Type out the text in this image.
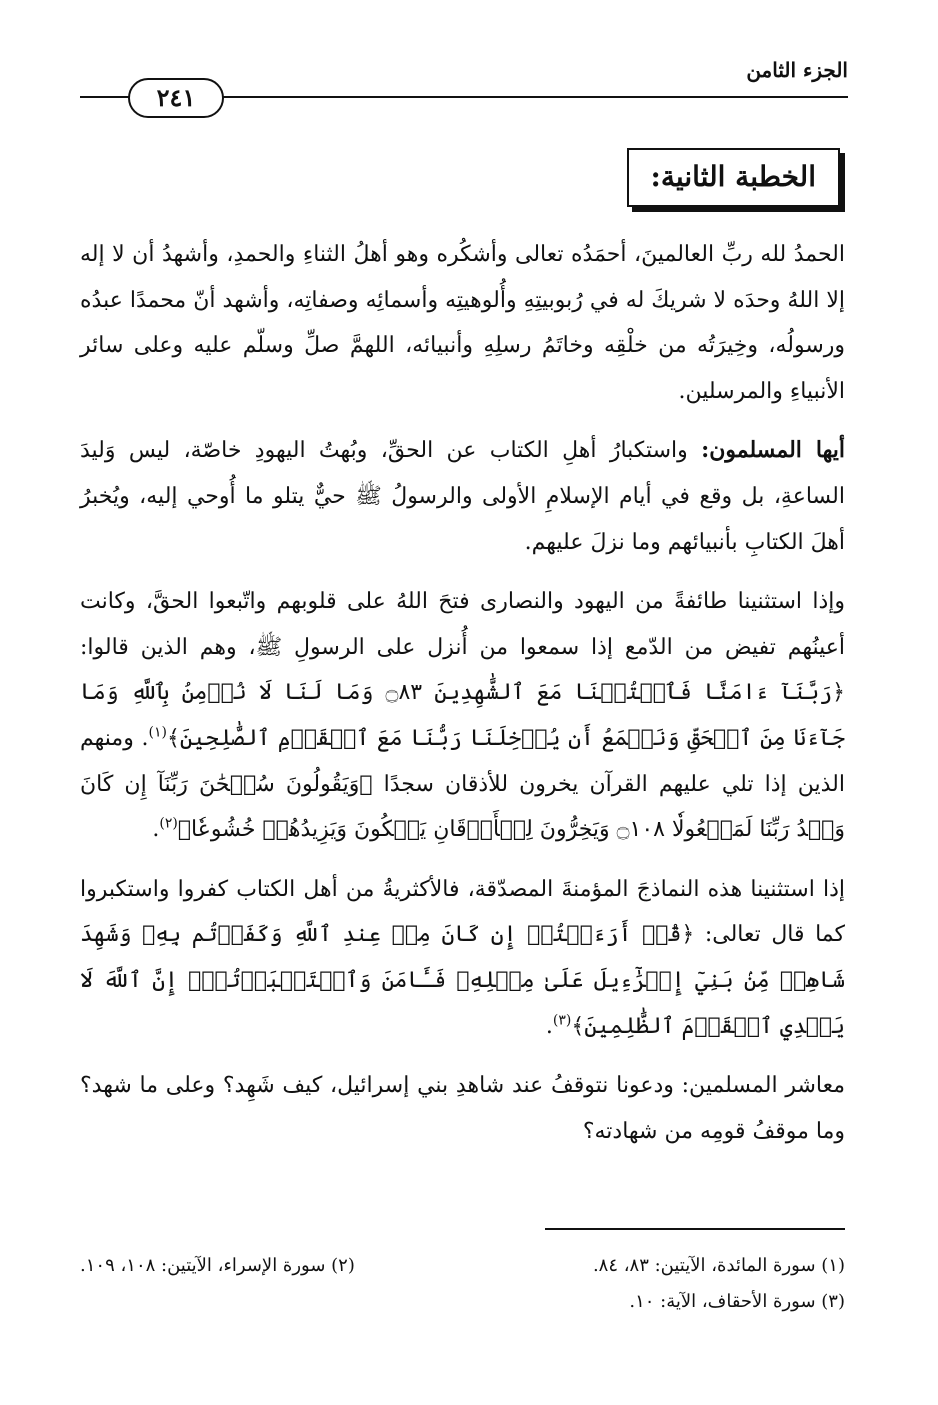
الجزء الثامن
٢٤١
الخطبة الثانية:

الحمدُ لله ربِّ العالمينَ، أحمَدُه تعالى وأشكُره وهو أهلُ الثناءِ والحمدِ، وأشهدُ أن لا إله إلا اللهُ وحدَه لا شريكَ له في رُبوبيتِهِ وأُلوهيتِه وأسمائِه وصفاتِه، وأشهد أنّ محمدًا عبدُه ورسولُه، وخِيرَتُه من خلْقِه وخاتَمُ رسلِهِ وأنبيائه، اللهمَّ صلِّ وسلّم عليه وعلى سائر الأنبياءِ والمرسلين.

أيها المسلمون: واستكبارُ أهلِ الكتاب عن الحقِّ، وبُهتُ اليهودِ خاصّة، ليس وَليدَ الساعةِ، بل وقع في أيام الإسلامِ الأولى والرسولُ ﷺ حيٌّ يتلو ما أُوحي إليه، ويُخبرُ أهلَ الكتابِ بأنبيائهم وما نزلَ عليهم.

وإذا استثنينا طائفةً من اليهود والنصارى فتحَ اللهُ على قلوبهم واتّبعوا الحقَّ، وكانت أعينُهم تفيض من الدّمع إذا سمعوا من أُنزل على الرسولِ ﷺ، وهم الذين قالوا: ﴿رَبَّنَآ ءَامَنَّا فَٱكۡتُبۡنَا مَعَ ٱلشَّٰهِدِينَ ۝٨٣ وَمَا لَنَا لَا نُؤۡمِنُ بِٱللَّهِ وَمَا جَآءَنَا مِنَ ٱلۡحَقِّ وَنَطۡمَعُ أَن يُدۡخِلَنَا رَبُّنَا مَعَ ٱلۡقَوۡمِ ٱلصَّٰلِحِينَ﴾$^{(١)}$. ومنهم الذين إذا تلي عليهم القرآن يخرون للأذقان سجدًا ﴿وَيَقُولُونَ سُبۡحَٰنَ رَبِّنَآ إِن كَانَ وَعۡدُ رَبِّنَا لَمَفۡعُولٗا ۝١٠٨ وَيَخِرُّونَ لِلۡأَذۡقَانِ يَبۡكُونَ وَيَزِيدُهُمۡ خُشُوعٗا﴾$^{(٢)}$.

إذا استثنينا هذه النماذجَ المؤمنةَ المصدّقة، فالأكثريةُ من أهل الكتاب كفروا واستكبروا كما قال تعالى: ﴿قُلۡ أَرَءَيۡتُمۡ إِن كَانَ مِنۡ عِندِ ٱللَّهِ وَكَفَرۡتُم بِهِۦ وَشَهِدَ شَاهِدٞ مِّنۢ بَنِيٓ إِسۡرَٰٓءِيلَ عَلَىٰ مِثۡلِهِۦ فَـَٔامَنَ وَٱسۡتَكۡبَرۡتُمۡۚ إِنَّ ٱللَّهَ لَا يَهۡدِي ٱلۡقَوۡمَ ٱلظَّٰلِمِينَ﴾$^{(٣)}$.

معاشر المسلمين: ودعونا نتوقفُ عند شاهدِ بني إسرائيل، كيف شَهِد؟ وعلى ما شهد؟ وما موقفُ قومِه من شهادته؟

(١) سورة المائدة، الآيتين: ٨٣، ٨٤.
(٢) سورة الإسراء، الآيتين: ١٠٨، ١٠٩.
(٣) سورة الأحقاف، الآية: ١٠.
